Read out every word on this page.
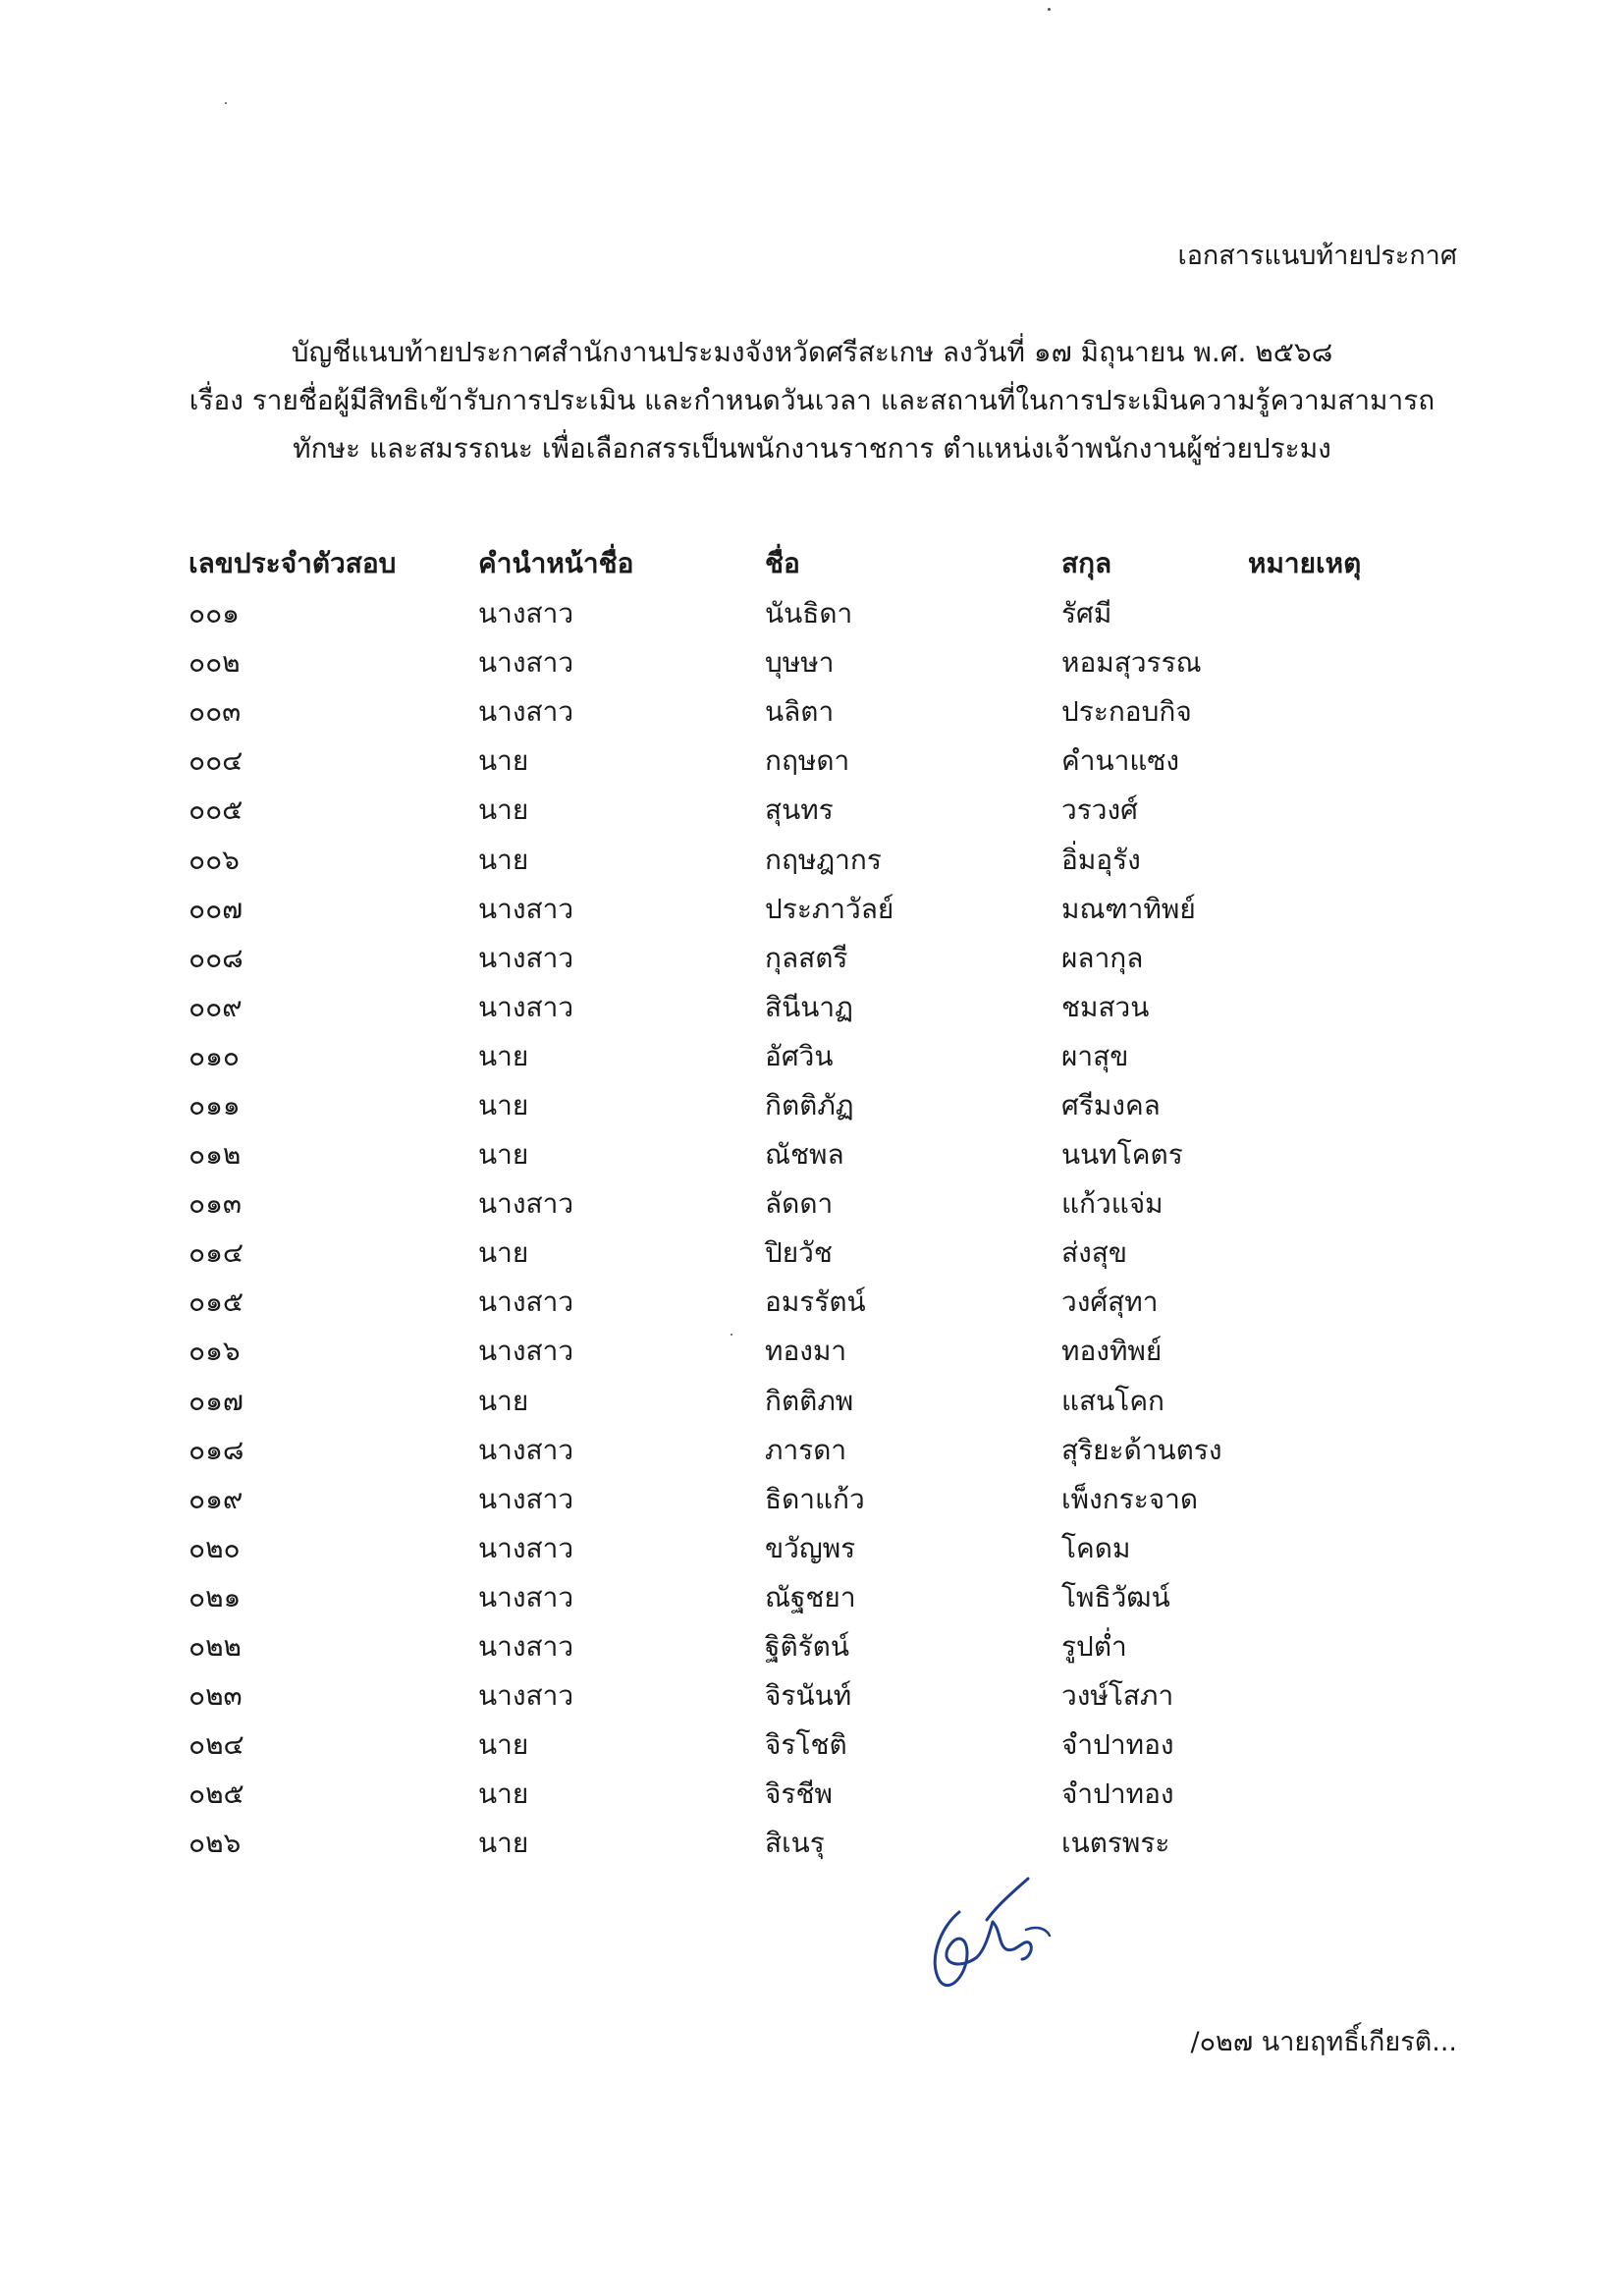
เอกสารแนบท้ายประกาศ
บัญชีแนบท้ายประกาศสำนักงานประมงจังหวัดศรีสะเกษ ลงวันที่ ๑๗ มิถุนายน พ.ศ. ๒๕๖๘
เรื่อง รายชื่อผู้มีสิทธิเข้ารับการประเมิน และกำหนดวันเวลา และสถานที่ในการประเมินความรู้ความสามารถ
ทักษะ และสมรรถนะ เพื่อเลือกสรรเป็นพนักงานราชการ ตำแหน่งเจ้าพนักงานผู้ช่วยประมง
เลขประจำตัวสอบ	คำนำหน้าชื่อ	ชื่อ	สกุล	หมายเหตุ
๐๐๑	นางสาว	นันธิดา	รัศมี	
๐๐๒	นางสาว	บุษษา	หอมสุวรรณ	
๐๐๓	นางสาว	นลิตา	ประกอบกิจ	
๐๐๔	นาย	กฤษดา	คำนาแซง	
๐๐๕	นาย	สุนทร	วรวงศ์	
๐๐๖	นาย	กฤษฎากร	อิ่มอุรัง	
๐๐๗	นางสาว	ประภาวัลย์	มณฑาทิพย์	
๐๐๘	นางสาว	กุลสตรี	ผลากุล	
๐๐๙	นางสาว	สินีนาฏ	ชมสวน	
๐๑๐	นาย	อัศวิน	ผาสุข	
๐๑๑	นาย	กิตติภัฏ	ศรีมงคล	
๐๑๒	นาย	ณัชพล	นนทโคตร	
๐๑๓	นางสาว	ลัดดา	แก้วแจ่ม	
๐๑๔	นาย	ปิยวัช	ส่งสุข	
๐๑๕	นางสาว	อมรรัตน์	วงศ์สุทา	
๐๑๖	นางสาว	ทองมา	ทองทิพย์	
๐๑๗	นาย	กิตติภพ	แสนโคก	
๐๑๘	นางสาว	ภารดา	สุริยะด้านตรง	
๐๑๙	นางสาว	ธิดาแก้ว	เพ็งกระจาด	
๐๒๐	นางสาว	ขวัญพร	โคดม	
๐๒๑	นางสาว	ณัฐชยา	โพธิวัฒน์	
๐๒๒	นางสาว	ฐิติรัตน์	รูปต่ำ	
๐๒๓	นางสาว	จิรนันท์	วงษ์โสภา	
๐๒๔	นาย	จิรโชติ	จำปาทอง	
๐๒๕	นาย	จิรชีพ	จำปาทอง	
๐๒๖	นาย	สิเนรุ	เนตรพระ	
/๐๒๗ นายฤทธิ์เกียรติ...
